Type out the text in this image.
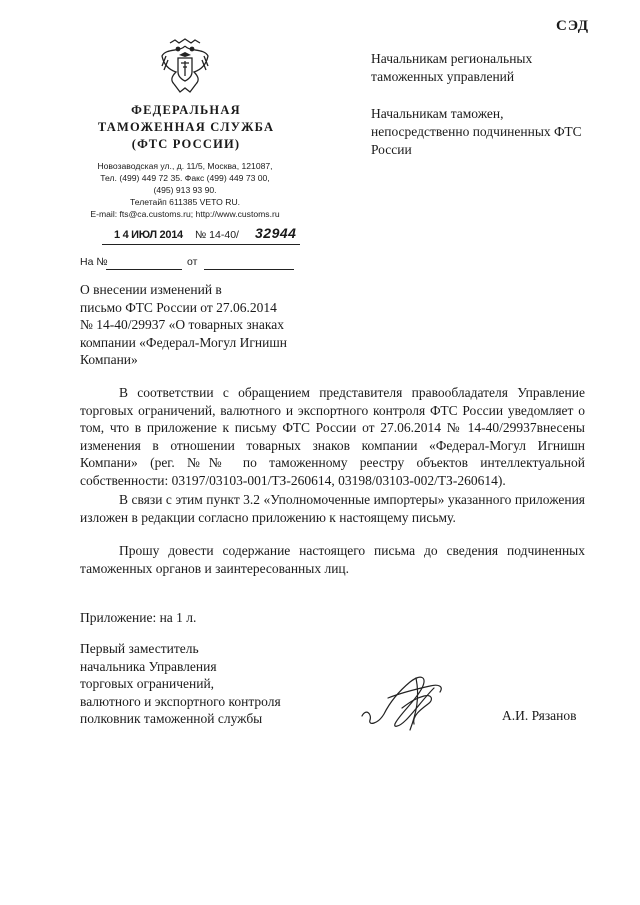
СЭД
ФЕДЕРАЛЬНАЯ
ТАМОЖЕННАЯ СЛУЖБА
(ФТС РОССИИ)
Новозаводская ул., д. 11/5, Москва, 121087,
Тел. (499) 449 72 35. Факс (499) 449 73 00,
(495) 913 93 90.
Телетайп 611385 VETO RU.
E-mail: fts@ca.customs.ru; http://www.customs.ru
1 4 ИЮЛ 2014 № 14-40/ 32944
На №	от

Начальникам региональных таможенных управлений

Начальникам таможен, непосредственно подчиненных ФТС России

О внесении изменений в
письмо ФТС России от 27.06.2014
№ 14-40/29937 «О товарных знаках
компании «Федерал-Могул Игнишн
Компани»

В соответствии с обращением представителя правообладателя Управление торговых ограничений, валютного и экспортного контроля ФТС России уведомляет о том, что в приложение к письму ФТС России от 27.06.2014 № 14-40/29937внесены изменения в отношении товарных знаков компании «Федерал-Могул Игнишн Компани» (рег. №№ по таможенному реестру объектов интеллектуальной собственности: 03197/03103-001/ТЗ-260614, 03198/03103-002/ТЗ-260614).

В связи с этим пункт 3.2 «Уполномоченные импортеры» указанного приложения изложен в редакции согласно приложению к настоящему письму.

Прошу довести содержание настоящего письма до сведения подчиненных таможенных органов и заинтересованных лиц.

Приложение: на 1 л.
Первый заместитель
начальника Управления
торговых ограничений,
валютного и экспортного контроля
полковник таможенной службы	А.И. Рязанов
